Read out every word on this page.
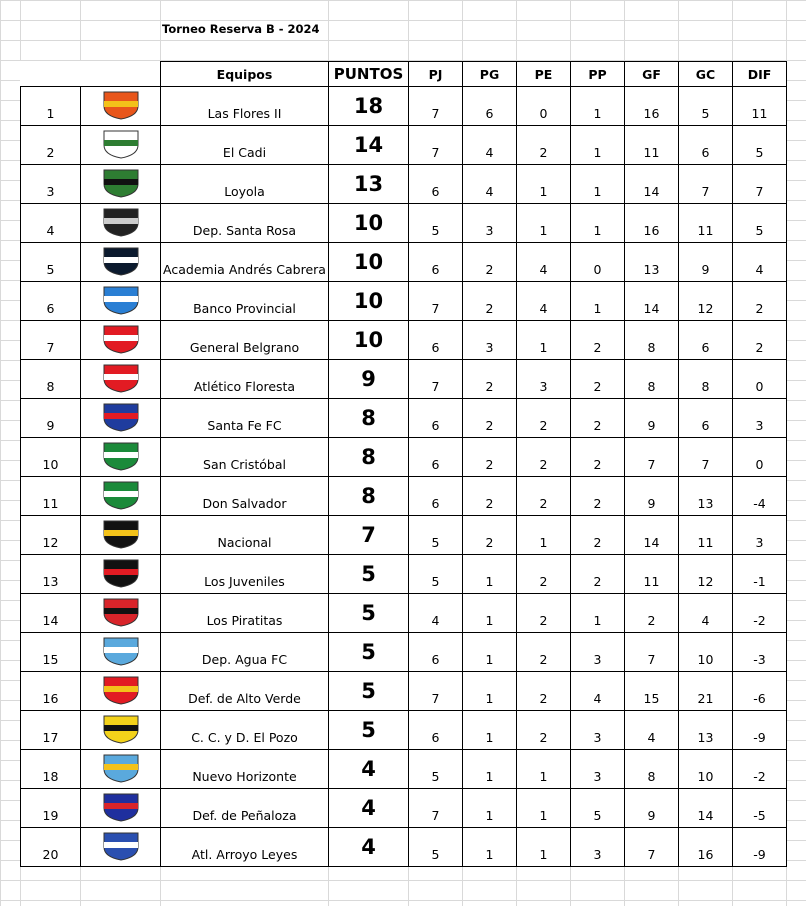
Torneo Reserva B - 2024
		Equipos	PUNTOS	PJ	PG	PE	PP	GF	GC	DIF
1		Las Flores II	18	7	6	0	1	16	5	11
2		El Cadi	14	7	4	2	1	11	6	5
3		Loyola	13	6	4	1	1	14	7	7
4		Dep. Santa Rosa	10	5	3	1	1	16	11	5
5		Academia Andrés Cabrera	10	6	2	4	0	13	9	4
6		Banco Provincial	10	7	2	4	1	14	12	2
7		General Belgrano	10	6	3	1	2	8	6	2
8		Atlético Floresta	9	7	2	3	2	8	8	0
9		Santa Fe FC	8	6	2	2	2	9	6	3
10		San Cristóbal	8	6	2	2	2	7	7	0
11		Don Salvador	8	6	2	2	2	9	13	-4
12		Nacional	7	5	2	1	2	14	11	3
13		Los Juveniles	5	5	1	2	2	11	12	-1
14		Los Piratitas	5	4	1	2	1	2	4	-2
15		Dep. Agua FC	5	6	1	2	3	7	10	-3
16		Def. de Alto Verde	5	7	1	2	4	15	21	-6
17		C. C. y D. El Pozo	5	6	1	2	3	4	13	-9
18		Nuevo Horizonte	4	5	1	1	3	8	10	-2
19		Def. de Peñaloza	4	7	1	1	5	9	14	-5
20		Atl. Arroyo Leyes	4	5	1	1	3	7	16	-9
